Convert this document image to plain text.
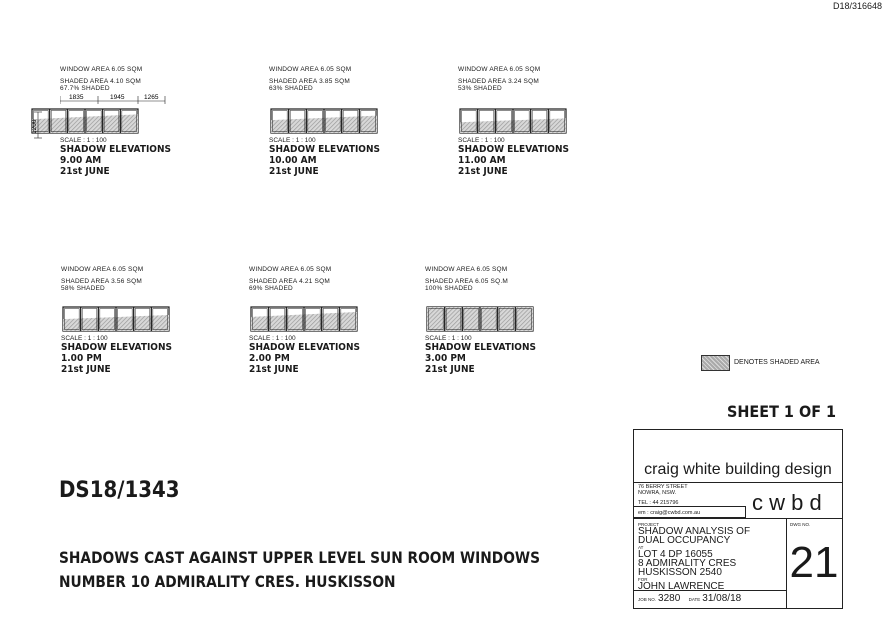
D18/316648
WINDOW AREA 6.05 SQM
SHADED AREA 4.10 SQM
67.7% SHADED
1835	1945	1265
SCALE : 1 : 100
SHADOW ELEVATIONS
9.00 AM
21st JUNE
WINDOW AREA 6.05 SQM
SHADED AREA 3.85 SQM
63% SHADED
SCALE : 1 : 100
SHADOW ELEVATIONS
10.00 AM
21st JUNE
WINDOW AREA 6.05 SQM
SHADED AREA 3.24 SQM
53% SHADED
SCALE : 1 : 100
SHADOW ELEVATIONS
11.00 AM
21st JUNE
WINDOW AREA 6.05 SQM
SHADED AREA 3.56 SQM
58% SHADED
SCALE : 1 : 100
SHADOW ELEVATIONS
1.00 PM
21st JUNE
WINDOW AREA 6.05 SQM
SHADED AREA 4.21 SQM
69% SHADED
SCALE : 1 : 100
SHADOW ELEVATIONS
2.00 PM
21st JUNE
WINDOW AREA 6.05 SQM
SHADED AREA 6.05 SQ.M
100% SHADED
SCALE : 1 : 100
SHADOW ELEVATIONS
3.00 PM
21st JUNE
1200
DENOTES SHADED AREA
SHEET 1 OF 1
DS18/1343
SHADOWS CAST AGAINST UPPER LEVEL SUN ROOM WINDOWS
NUMBER 10 ADMIRALITY CRES. HUSKISSON
craig white building design
76 BERRY STREET
NOWRA, NSW.
TEL : 44 215796
em : craig@cwbd.com.au	c w b d
PROJECT
SHADOW ANALYSIS OF
DUAL OCCUPANCY
AT
LOT 4 DP 16055
8 ADMIRALITY CRES
HUSKISSON 2540
FOR
JOHN LAWRENCE
DWG NO.
21
JOB NO. 3280 DATE 31/08/18
